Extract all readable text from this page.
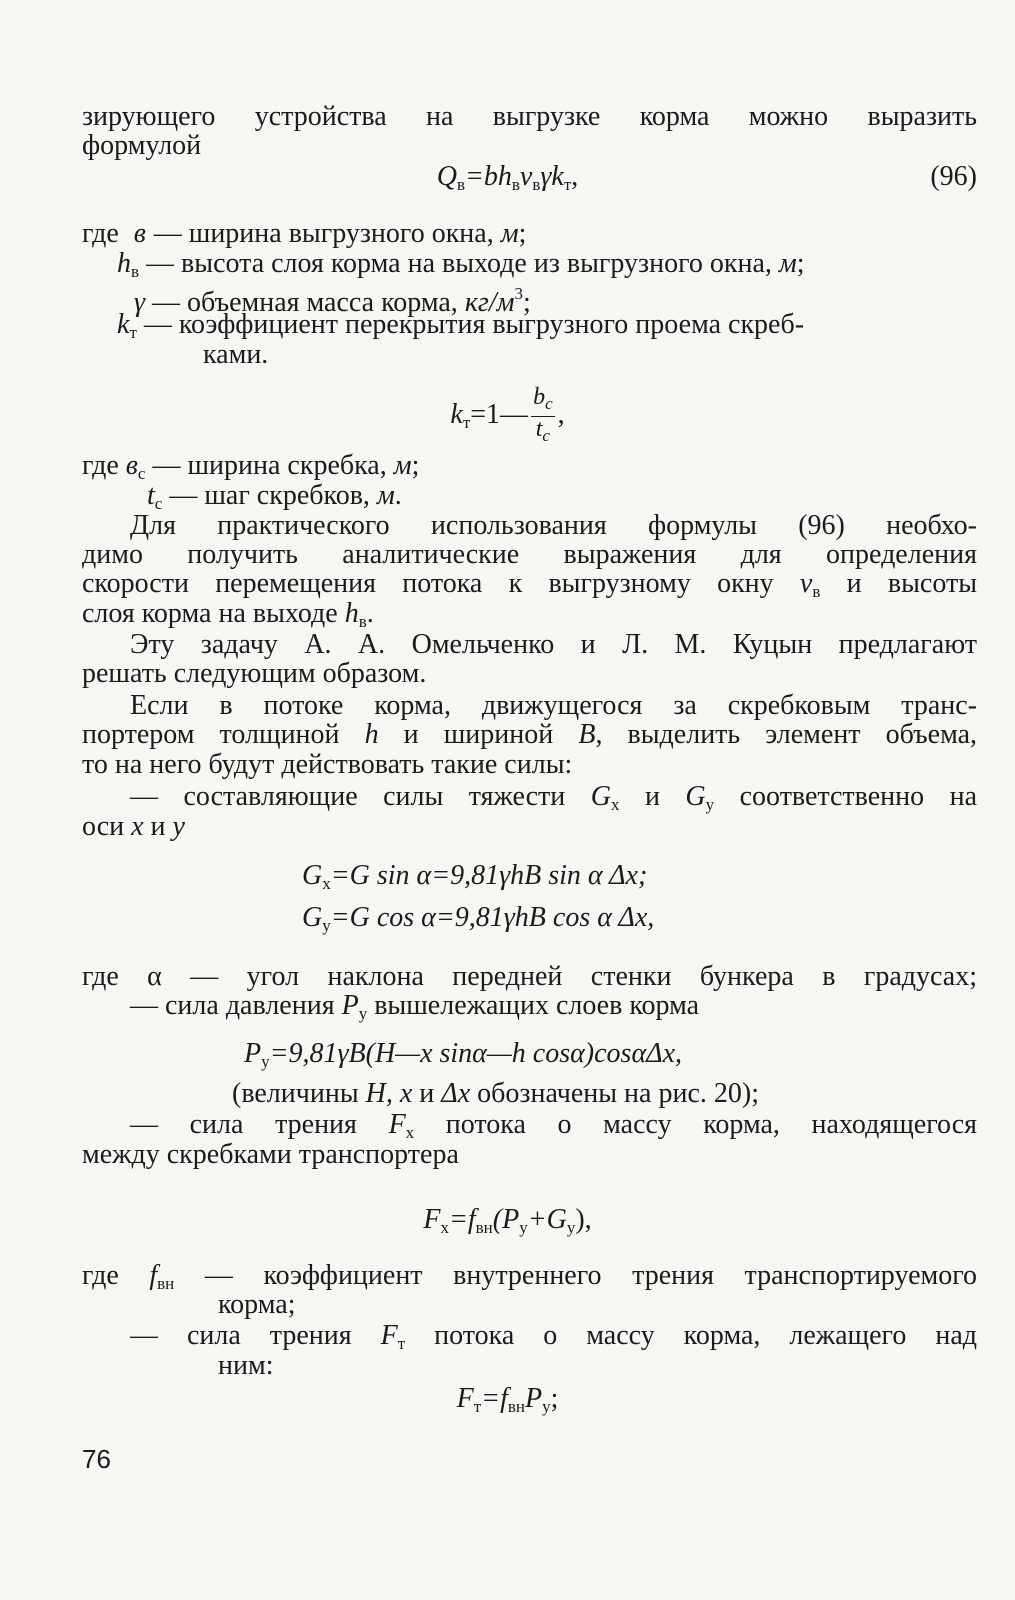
зирующего устройства на выгрузке корма можно выразить
формулой
$Q_в=bh_вv_в\gamma k_т$,	(96)
где в — ширина выгрузного окна, м;
$h_в$ — высота слоя корма на выходе из выгрузного окна, м;
γ — объемная масса корма, $кг/м^3$;
$k_т$ — коэффициент перекрытия выгрузного проема скреб-
ками.
$k_т=1— \frac{b_c}{t_c}$ ,
где $в_c$ — ширина скребка, м;
$t_c$ — шаг скребков, м.
Для практического использования формулы (96) необхо-
димо получить аналитические выражения для определения
скорости перемещения потока к выгрузному окну $v_в$ и высоты
слоя корма на выходе $h_в$.
Эту задачу А. А. Омельченко и Л. М. Куцын предлагают
решать следующим образом.
Если в потоке корма, движущегося за скребковым транс-
портером толщиной h и шириной B, выделить элемент объема,
то на него будут действовать такие силы:
— составляющие силы тяжести $G_x$ и $G_y$ соответственно на
оси x и y
$G_x=G$ sin α=9,81γhB sin α Δx;
$G_y=G$ cos α=9,81γhB cos α Δx,
где α — угол наклона передней стенки бункера в градусах;
— сила давления $P_y$ вышележащих слоев корма
$P_y=9,81\gamma B(H—x$ sinα—h cosα)cosαΔx,
(величины H, x и Δx обозначены на рис. 20);
— сила трения $F_x$ потока о массу корма, находящегося
между скребками транспортера
$F_x=f_{вн}(P_y+G_y)$,
где $f_{вн}$ — коэффициент внутреннего трения транспортируемого
корма;
— сила трения $F_т$ потока о массу корма, лежащего над
ним:
$F_т=f_{вн}P_y$;
76
